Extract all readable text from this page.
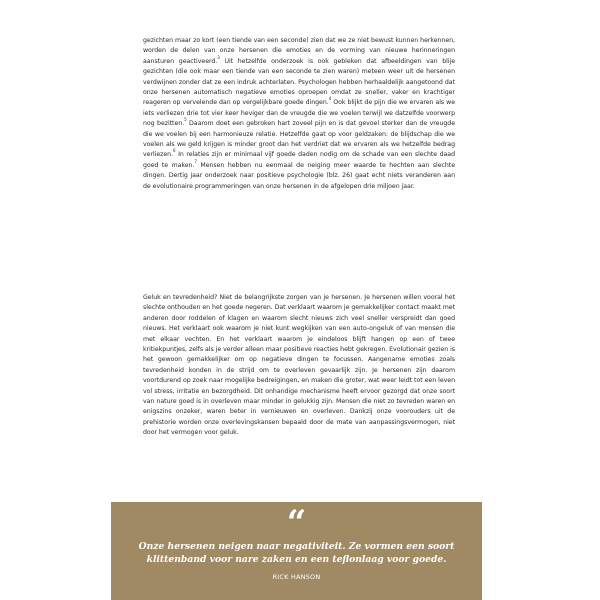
gezichten maar zo kort (een tiende van een seconde) zien dat we ze niet bewust kunnen herkennen, worden de delen van onze hersenen die emoties en de vorming van nieuwe herinneringen aansturen geactiveerd.$^3$ Uit hetzelfde onderzoek is ook gebleken dat afbeeldingen van blije gezichten (die ook maar een tiende van een seconde te zien waren) meteen weer uit de hersenen verdwijnen zonder dat ze een indruk achterlaten. Psychologen hebben herhaaldelijk aangetoond dat onze hersenen automatisch negatieve emoties oproepen omdat ze sneller, vaker en krachtiger reageren op vervelende dan op vergelijkbare goede dingen.$^4$ Ook blijkt de pijn die we ervaren als we iets verliezen drie tot vier keer heviger dan de vreugde die we voelen terwijl we datzelfde voorwerp nog bezitten.$^5$ Daarom doet een gebroken hart zoveel pijn en is dat gevoel sterker dan de vreugde die we voelen bij een harmonieuze relatie. Hetzelfde gaat op voor geldzaken: de blijdschap die we voelen als we geld krijgen is minder groot dan het verdriet dat we ervaren als we hetzelfde bedrag verliezen.$^6$ In relaties zijn er minimaal vijf goede daden nodig om de schade van een slechte daad goed te maken.$^7$ Mensen hebben nu eenmaal de neiging meer waarde te hechten aan slechte dingen. Dertig jaar onderzoek naar positieve psychologie (blz. 26) gaat echt niets veranderen aan de evolutionaire programmeringen van onze hersenen in de afgelopen drie miljoen jaar.

Geluk en tevredenheid? Niet de belangrijkste zorgen van je hersenen. Je hersenen willen vooral het slechte onthouden en het goede negeren. Dat verklaart waarom je gemakkelijker contact maakt met anderen door roddelen of klagen en waarom slecht nieuws zich veel sneller verspreidt dan goed nieuws. Het verklaart ook waarom je niet kunt wegkijken van een auto-ongeluk of van mensen die met elkaar vechten. En het verklaart waarom je eindeloos blijft hangen op een of twee kritiekpuntjes, zelfs als je verder alleen maar positieve reacties hebt gekregen. Evolutionair gezien is het gewoon gemakkelijker om op negatieve dingen te focussen. Aangename emoties zoals tevredenheid konden in de strijd om te overleven gevaarlijk zijn. Je hersenen zijn daarom voortdurend op zoek naar mogelijke bedreigingen, en maken die groter, wat weer leidt tot een leven vol stress, irritatie en bezorgdheid. Dit onhandige mechanisme heeft ervoor gezorgd dat onze soort van nature goed is in overleven maar minder in gelukkig zijn. Mensen die niet zo tevreden waren en enigszins onzeker, waren beter in vernieuwen en overleven. Dankzij onze voorouders uit de prehistorie worden onze overlevingskansen bepaald door de mate van aanpassingsvermogen, niet door het vermogen voor geluk.

“

Onze hersenen neigen naar negativiteit. Ze vormen een soort klittenband voor nare zaken en een teflonlaag voor goede.

RICK HANSON
11
